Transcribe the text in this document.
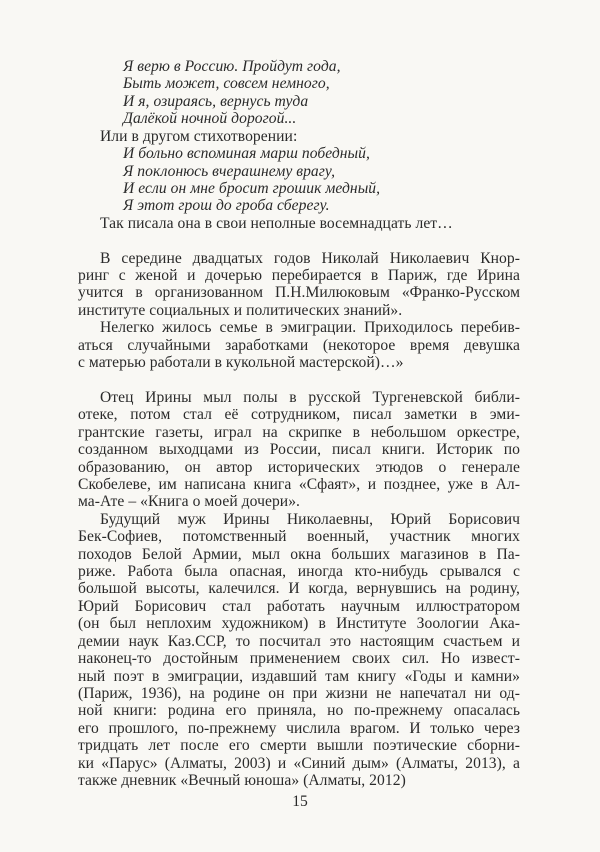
Я верю в Россию. Пройдут года,
Быть может, совсем немного,
И я, озираясь, вернусь туда
Далёкой ночной дорогой...
Или в другом стихотворении:
И больно вспоминая марш победный,
Я поклонюсь вчерашнему врагу,
И если он мне бросит грошик медный,
Я этот грош до гроба сберегу.
Так писала она в свои неполные восемнадцать лет…
В середине двадцатых годов Николай Николаевич Кнор-
ринг с женой и дочерью перебирается в Париж, где Ирина
учится в организованном П.Н.Милюковым «Франко-Русском
институте социальных и политических знаний».
Нелегко жилось семье в эмиграции. Приходилось перебив-
аться случайными заработками (некоторое время девушка
с матерью работали в кукольной мастерской)…»
Отец Ирины мыл полы в русской Тургеневской библи-
отеке, потом стал её сотрудником, писал заметки в эми-
грантские газеты, играл на скрипке в небольшом оркестре,
созданном выходцами из России, писал книги. Историк по
образованию, он автор исторических этюдов о генерале
Скобелеве, им написана книга «Сфаят», и позднее, уже в Ал-
ма-Ате – «Книга о моей дочери».
Будущий муж Ирины Николаевны, Юрий Борисович
Бек-Софиев, потомственный военный, участник многих
походов Белой Армии, мыл окна больших магазинов в Па-
риже. Работа была опасная, иногда кто-нибудь срывался с
большой высоты, калечился. И когда, вернувшись на родину,
Юрий Борисович стал работать научным иллюстратором
(он был неплохим художником) в Институте Зоологии Ака-
демии наук Каз.ССР, то посчитал это настоящим счастьем и
наконец-то достойным применением своих сил. Но извест-
ный поэт в эмиграции, издавший там книгу «Годы и камни»
(Париж, 1936), на родине он при жизни не напечатал ни од-
ной книги: родина его приняла, но по-прежнему опасалась
его прошлого, по-прежнему числила врагом. И только через
тридцать лет после его смерти вышли поэтические сборни-
ки «Парус» (Алматы, 2003) и «Синий дым» (Алматы, 2013), а
также дневник «Вечный юноша» (Алматы, 2012)
15
